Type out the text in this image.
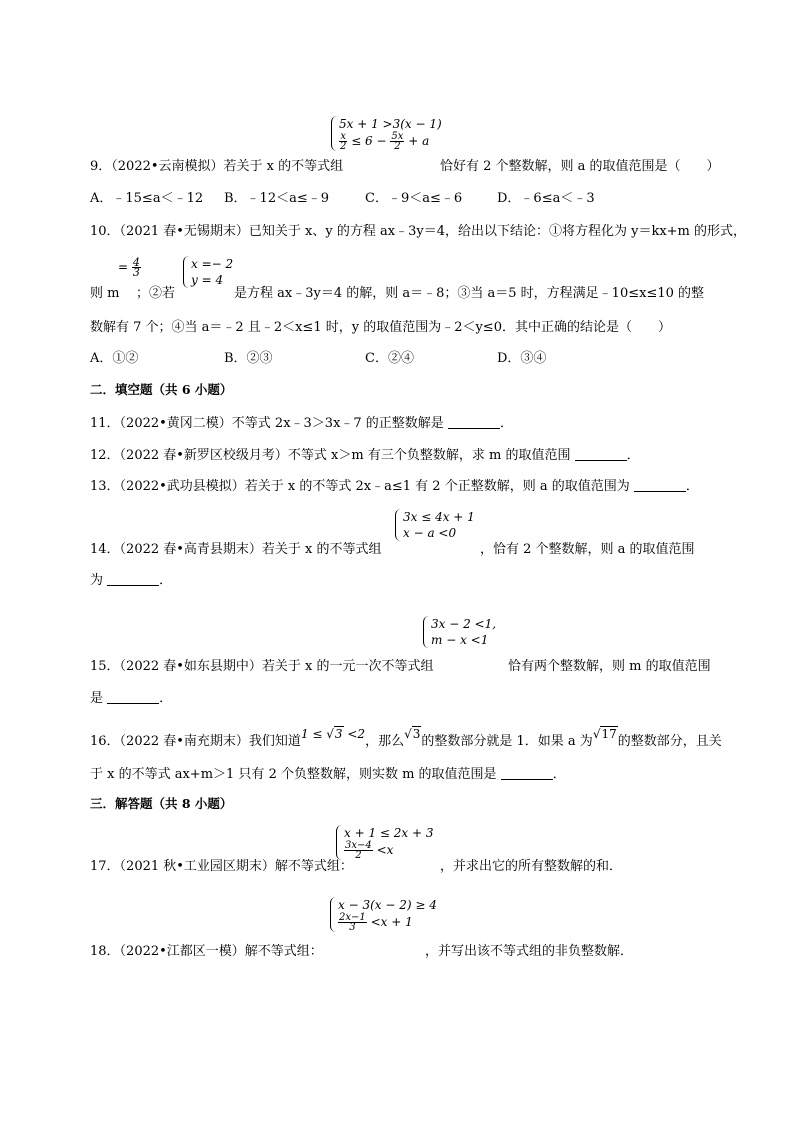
5x + 1 >3(x − 1)
$\frac{x}{2} \le 6 - \frac{5x}{2} + a$
9．（2022•云南模拟）若关于 x 的不等式组	恰好有 2 个整数解，则 a 的取值范围是（　　）
A．﹣15≤a＜﹣12 B．﹣12＜a≤﹣9	C．﹣9＜a≤﹣6	D．﹣6≤a＜﹣3
10．（2021 春•无锡期末）已知关于 x、y 的方程 ax﹣3y＝4，给出以下结论：①将方程化为 y＝kx+m 的形式，
则 m
= $\frac{4}{3}$
；②若
x =− 2
y = 4
是方程 ax﹣3y＝4 的解，则 a＝﹣8；③当 a＝5 时，方程满足﹣10≤x≤10 的整
数解有 7 个；④当 a＝﹣2 且﹣2＜x≤1 时，y 的取值范围为﹣2＜y≤0．其中正确的结论是（　　）
A．①②	B．②③	C．②④	D．③④
二．填空题（共 6 小题）
11．（2022•黄冈二模）不等式 2x﹣3＞3x﹣7 的正整数解是	．
12．（2022 春•新罗区校级月考）不等式 x＞m 有三个负整数解，求 m 的取值范围	．
13．（2022•武功县模拟）若关于 x 的不等式 2x﹣a≤1 有 2 个正整数解，则 a 的取值范围为	．
3x ≤ 4x + 1
x − a <0
14．（2022 春•高青县期末）若关于 x 的不等式组	，恰有 2 个整数解，则 a 的取值范围
为	．
3x − 2 <1,
m − x <1
15．（2022 春•如东县期中）若关于 x 的一元一次不等式组	恰有两个整数解，则 m 的取值范围
是	．
16．（2022 春•南充期末）我们知道1 ≤ √3 <2，那么√3的整数部分就是 1．如果 a 为√17的整数部分，且关
于 x 的不等式 ax+m＞1 只有 2 个负整数解，则实数 m 的取值范围是	．
三．解答题（共 8 小题）
x + 1 ≤ 2x + 3
$\frac{3x-4}{2} <x$
17．（2021 秋•工业园区期末）解不等式组：	，并求出它的所有整数解的和．
x − 3(x − 2) ≥ 4
$\frac{2x-1}{3} <x + 1$
18．（2022•江都区一模）解不等式组：	，并写出该不等式组的非负整数解．
